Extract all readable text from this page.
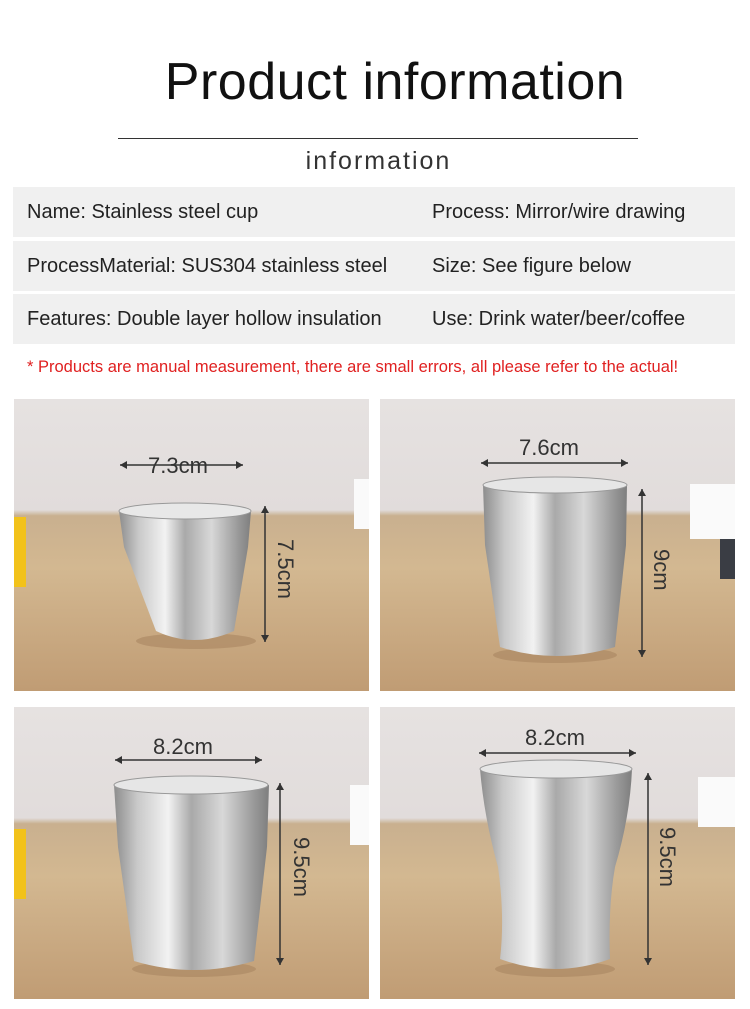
Product information
information
Name: Stainless steel cup	Process: Mirror/wire drawing
ProcessMaterial: SUS304 stainless steel Size: See figure below
Features: Double layer hollow insulation	Use: Drink water/beer/coffee
* Products are manual measurement, there are small errors, all please refer to the actual!
7.3cm
7.5cm
7.6cm
9cm
8.2cm
9.5cm
8.2cm
9.5cm
